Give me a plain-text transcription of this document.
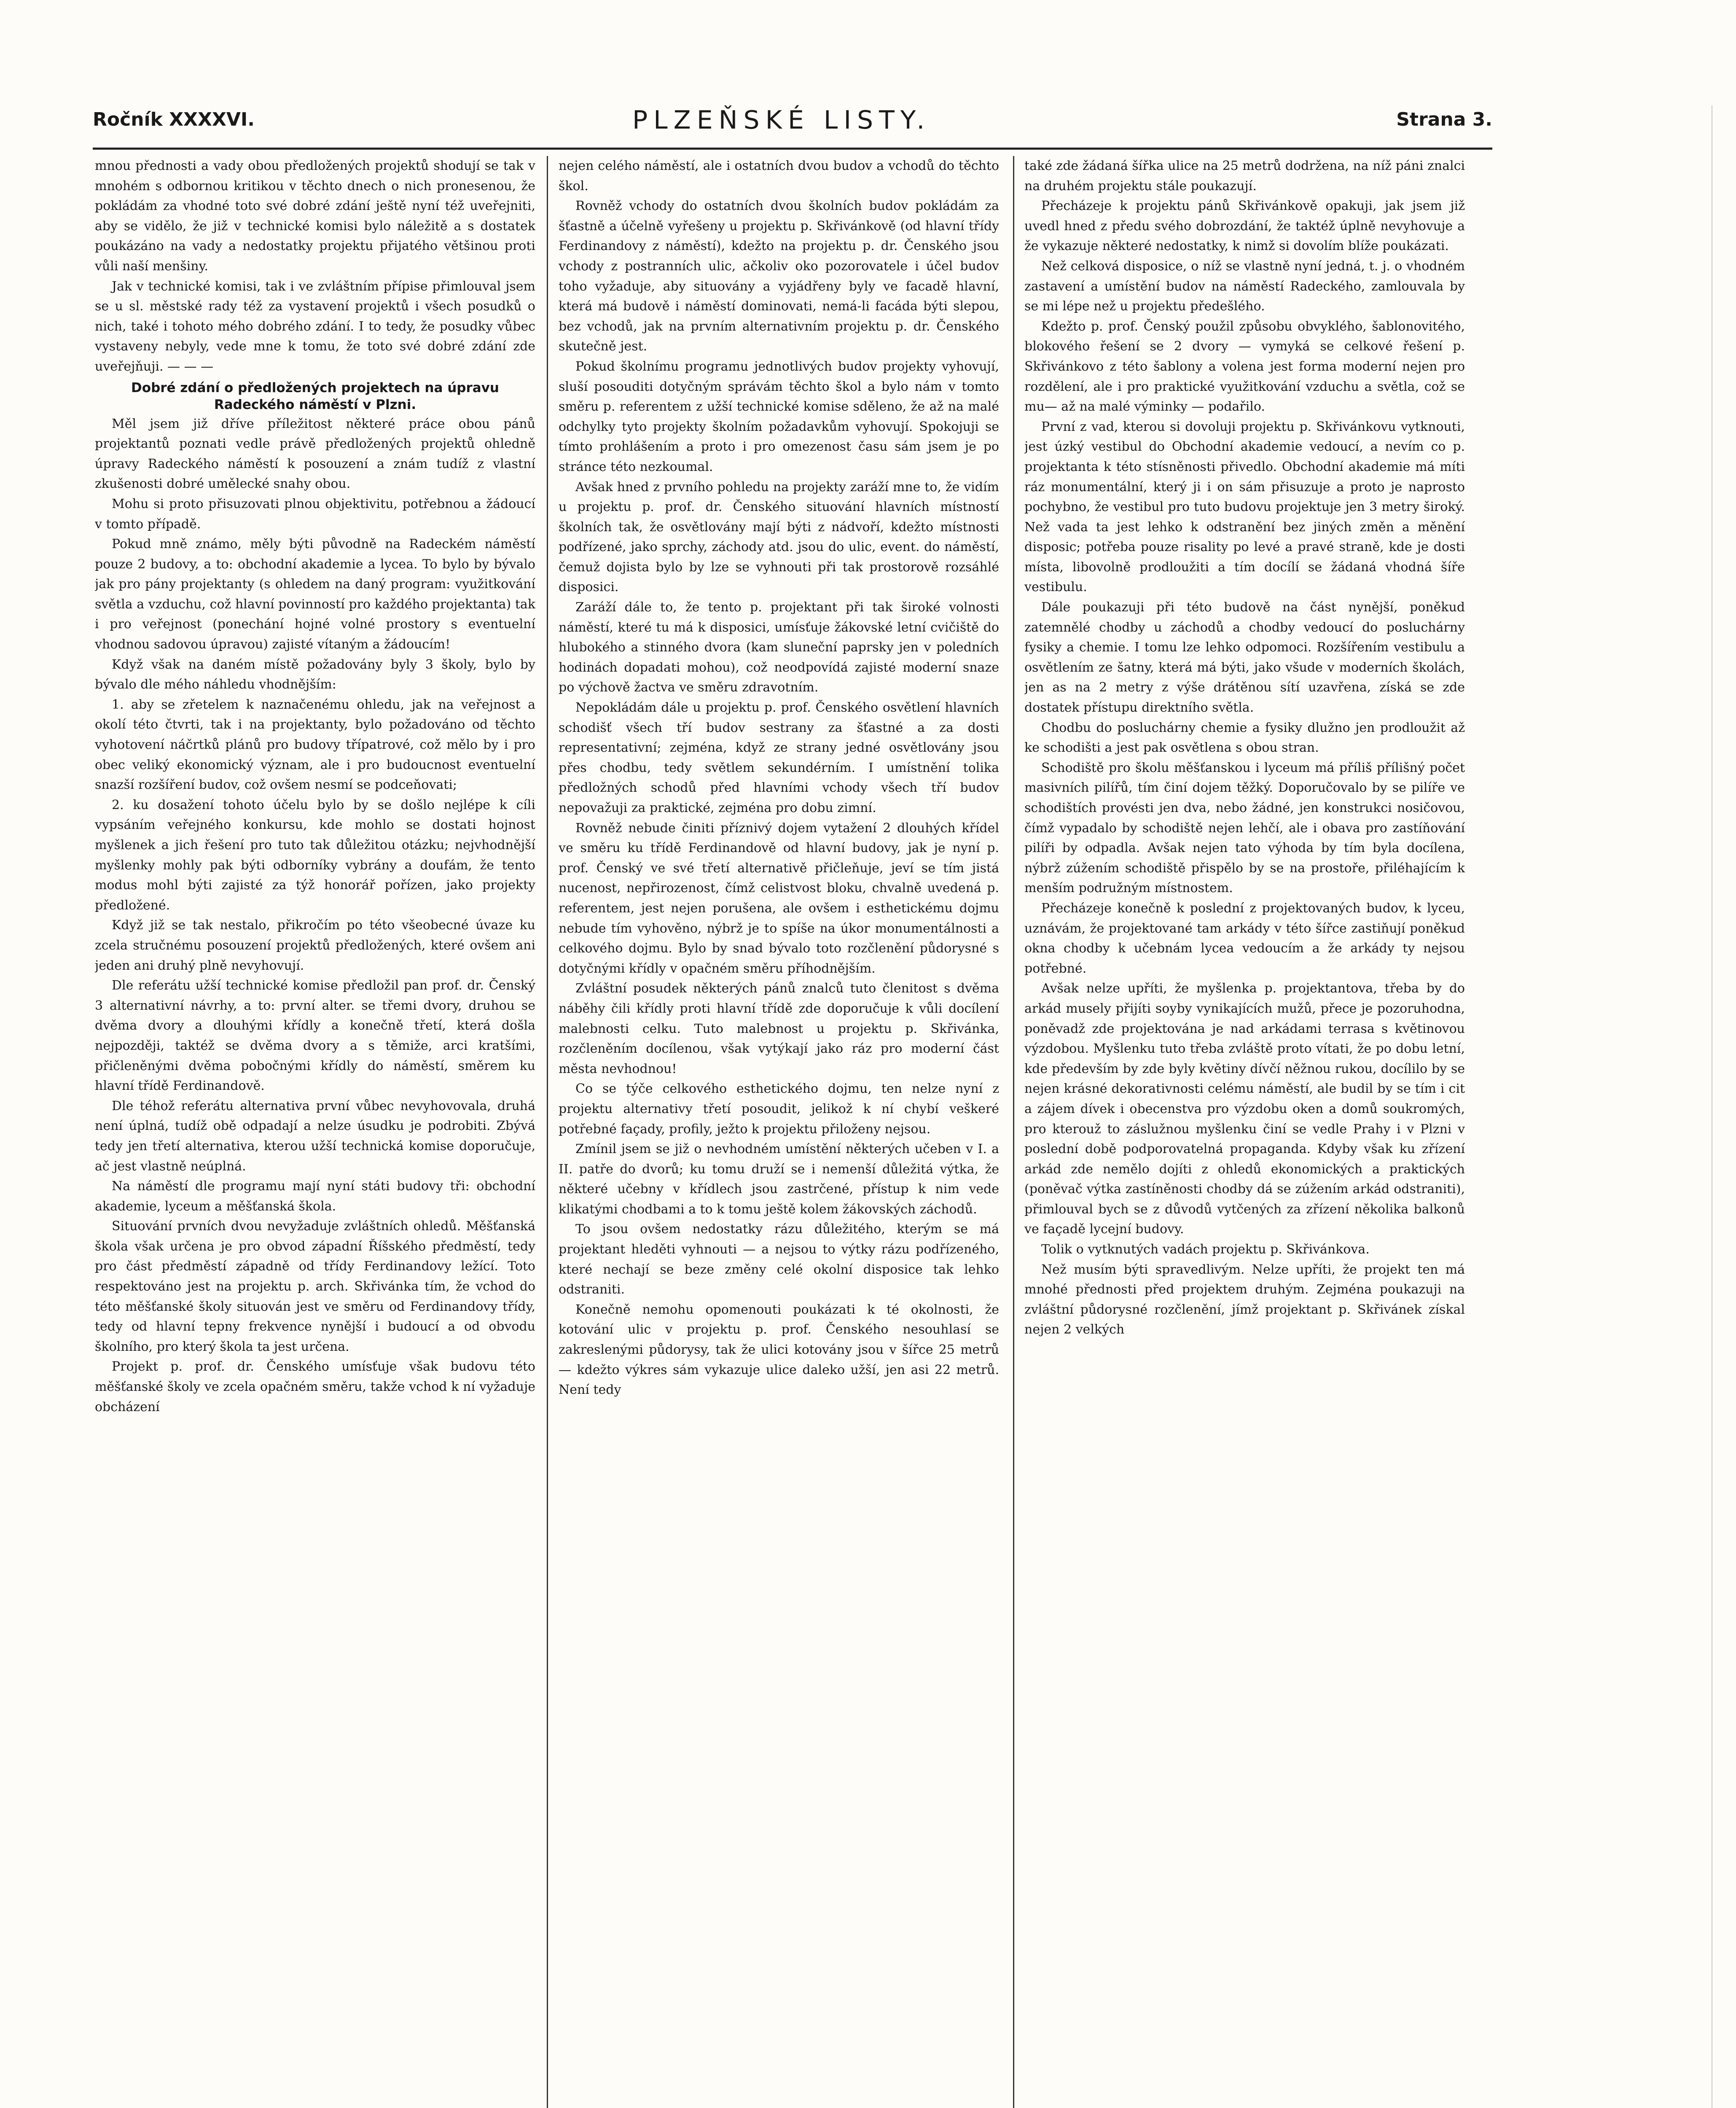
Ročník XXXXVI.	PLZEŇSKÉ LISTY.	Strana 3.

mnou přednosti a vady obou předložených projektů shodují se tak v mnohém s odbornou kritikou v těchto dnech o nich pronesenou, že pokládám za vhodné toto své dobré zdání ještě nyní též uveřejniti, aby se vidělo, že již v technické komisi bylo náležitě a s dostatek poukázáno na vady a nedostatky projektu přijatého většinou proti vůli naší menšiny.

Jak v technické komisi, tak i ve zvláštním přípise přimlouval jsem se u sl. městské rady též za vystavení projektů i všech posudků o nich, také i tohoto mého dobrého zdání. I to tedy, že posudky vůbec vystaveny nebyly, vede mne k tomu, že toto své dobré zdání zde uveřejňuji. — — —

Dobré zdání o předložených projektech na úpravu Radeckého náměstí v Plzni.

Měl jsem již dříve příležitost některé práce obou pánů projektantů poznati vedle právě předložených projektů ohledně úpravy Radeckého náměstí k posouzení a znám tudíž z vlastní zkušenosti dobré umělecké snahy obou.

Mohu si proto přisuzovati plnou objektivitu, potřebnou a žádoucí v tomto případě.

Pokud mně známo, měly býti původně na Radeckém náměstí pouze 2 budovy, a to: obchodní akademie a lycea. To bylo by bývalo jak pro pány projektanty (s ohledem na daný program: využitkování světla a vzduchu, což hlavní povinností pro každého projektanta) tak i pro veřejnost (ponechání hojné volné prostory s eventuelní vhodnou sadovou úpravou) zajisté vítaným a žádoucím!

Když však na daném místě požadovány byly 3 školy, bylo by bývalo dle mého náhledu vhodnějším:

1. aby se zřetelem k naznačenému ohledu, jak na veřejnost a okolí této čtvrti, tak i na projektanty, bylo požadováno od těchto vyhotovení náčrtků plánů pro budovy třípatrové, což mělo by i pro obec veliký ekonomický význam, ale i pro budoucnost eventuelní snazší rozšíření budov, což ovšem nesmí se podceňovati;

2. ku dosažení tohoto účelu bylo by se došlo nejlépe k cíli vypsáním veřejného konkursu, kde mohlo se dostati hojnost myšlenek a jich řešení pro tuto tak důležitou otázku; nejvhodnější myšlenky mohly pak býti odborníky vybrány a doufám, že tento modus mohl býti zajisté za týž honorář pořízen, jako projekty předložené.

Když již se tak nestalo, přikročím po této všeobecné úvaze ku zcela stručnému posouzení projektů předložených, které ovšem ani jeden ani druhý plně nevyhovují.

Dle referátu užší technické komise předložil pan prof. dr. Čenský 3 alternativní návrhy, a to: první alter. se třemi dvory, druhou se dvěma dvory a dlouhými křídly a konečně třetí, která došla nejpozději, taktéž se dvěma dvory a s těmiže, arci kratšími, přičleněnými dvěma pobočnými křídly do náměstí, směrem ku hlavní třídě Ferdinandově.

Dle téhož referátu alternativa první vůbec nevyhovovala, druhá není úplná, tudíž obě odpadají a nelze úsudku je podrobiti. Zbývá tedy jen třetí alternativa, kterou užší technická komise doporučuje, ač jest vlastně neúplná.

Na náměstí dle programu mají nyní státi budovy tři: obchodní akademie, lyceum a měšťanská škola.

Situování prvních dvou nevyžaduje zvláštních ohledů. Měšťanská škola však určena je pro obvod západní Říšského předměstí, tedy pro část předměstí západně od třídy Ferdinandovy ležící. Toto respektováno jest na projektu p. arch. Skřivánka tím, že vchod do této měšťanské školy situován jest ve směru od Ferdinandovy třídy, tedy od hlavní tepny frekvence nynější i budoucí a od obvodu školního, pro který škola ta jest určena.

Projekt p. prof. dr. Čenského umísťuje však budovu této měšťanské školy ve zcela opačném směru, takže vchod k ní vyžaduje obcházení

nejen celého náměstí, ale i ostatních dvou budov a vchodů do těchto škol.

Rovněž vchody do ostatních dvou školních budov pokládám za šťastně a účelně vyřešeny u projektu p. Skřivánkově (od hlavní třídy Ferdinandovy z náměstí), kdežto na projektu p. dr. Čenského jsou vchody z postranních ulic, ačkoliv oko pozorovatele i účel budov toho vyžaduje, aby situovány a vyjádřeny byly ve facadě hlavní, která má budově i náměstí dominovati, nemá-li facáda býti slepou, bez vchodů, jak na prvním alternativním projektu p. dr. Čenského skutečně jest.

Pokud školnímu programu jednotlivých budov projekty vyhovují, sluší posouditi dotyčným správám těchto škol a bylo nám v tomto směru p. referentem z užší technické komise sděleno, že až na malé odchylky tyto projekty školním požadavkům vyhovují. Spokojuji se tímto prohlášením a proto i pro omezenost času sám jsem je po stránce této nezkoumal.

Avšak hned z prvního pohledu na projekty zaráží mne to, že vidím u projektu p. prof. dr. Čenského situování hlavních místností školních tak, že osvětlovány mají býti z nádvoří, kdežto místnosti podřízené, jako sprchy, záchody atd. jsou do ulic, event. do náměstí, čemuž dojista bylo by lze se vyhnouti při tak prostorově rozsáhlé disposici.

Zaráží dále to, že tento p. projektant při tak široké volnosti náměstí, které tu má k disposici, umísťuje žákovské letní cvičiště do hlubokého a stinného dvora (kam sluneční paprsky jen v poledních hodinách dopadati mohou), což neodpovídá zajisté moderní snaze po výchově žactva ve směru zdravotním.

Nepokládám dále u projektu p. prof. Čenského osvětlení hlavních schodišť všech tří budov sestrany za šťastné a za dosti representativní; zejména, když ze strany jedné osvětlovány jsou přes chodbu, tedy světlem sekundérním. I umístnění tolika předložných schodů před hlavními vchody všech tří budov nepovažuji za praktické, zejména pro dobu zimní.

Rovněž nebude činiti příznivý dojem vytažení 2 dlouhých křídel ve směru ku třídě Ferdinandově od hlavní budovy, jak je nyní p. prof. Čenský ve své třetí alternativě přičleňuje, jeví se tím jistá nucenost, nepřirozenost, čímž celistvost bloku, chvalně uvedená p. referentem, jest nejen porušena, ale ovšem i esthetickému dojmu nebude tím vyhověno, nýbrž je to spíše na úkor monumentálnosti a celkového dojmu. Bylo by snad bývalo toto rozčlenění půdorysné s dotyčnými křídly v opačném směru příhodnějším.

Zvláštní posudek některých pánů znalců tuto členitost s dvěma náběhy čili křídly proti hlavní třídě zde doporučuje k vůli docílení malebnosti celku. Tuto malebnost u projektu p. Skřivánka, rozčleněním docílenou, však vytýkají jako ráz pro moderní část města nevhodnou!

Co se týče celkového esthetického dojmu, ten nelze nyní z projektu alternativy třetí posoudit, jelikož k ní chybí veškeré potřebné façady, profily, ježto k projektu přiloženy nejsou.

Zmínil jsem se již o nevhodném umístění některých učeben v I. a II. patře do dvorů; ku tomu druží se i nemenší důležitá výtka, že některé učebny v křídlech jsou zastrčené, přístup k nim vede klikatými chodbami a to k tomu ještě kolem žákovských záchodů.

To jsou ovšem nedostatky rázu důležitého, kterým se má projektant hleděti vyhnouti — a nejsou to výtky rázu podřízeného, které nechají se beze změny celé okolní disposice tak lehko odstraniti.

Konečně nemohu opomenouti poukázati k té okolnosti, že kotování ulic v projektu p. prof. Čenského nesouhlasí se zakreslenými půdorysy, tak že ulici kotovány jsou v šířce 25 metrů — kdežto výkres sám vykazuje ulice daleko užší, jen asi 22 metrů. Není tedy

také zde žádaná šířka ulice na 25 metrů dodržena, na níž páni znalci na druhém projektu stále poukazují.

Přecházeje k projektu pánů Skřivánkově opakuji, jak jsem již uvedl hned z předu svého dobrozdání, že taktéž úplně nevyhovuje a že vykazuje některé nedostatky, k nimž si dovolím blíže poukázati.

Než celková disposice, o níž se vlastně nyní jedná, t. j. o vhodném zastavení a umístění budov na náměstí Radeckého, zamlouvala by se mi lépe než u projektu předešlého.

Kdežto p. prof. Čenský použil způsobu obvyklého, šablonovitého, blokového řešení se 2 dvory — vymyká se celkové řešení p. Skřivánkovo z této šablony a volena jest forma moderní nejen pro rozdělení, ale i pro praktické využitkování vzduchu a světla, což se mu— až na malé výminky — podařilo.

První z vad, kterou si dovoluji projektu p. Skřivánkovu vytknouti, jest úzký vestibul do Obchodní akademie vedoucí, a nevím co p. projektanta k této stísněnosti přivedlo. Obchodní akademie má míti ráz monumentální, který ji i on sám přisuzuje a proto je naprosto pochybno, že vestibul pro tuto budovu projektuje jen 3 metry široký. Než vada ta jest lehko k odstranění bez jiných změn a měnění disposic; potřeba pouze risality po levé a pravé straně, kde je dosti místa, libovolně prodloužiti a tím docílí se žádaná vhodná šíře vestibulu.

Dále poukazuji při této budově na část nynější, poněkud zatemnělé chodby u záchodů a chodby vedoucí do posluchárny fysiky a chemie. I tomu lze lehko odpomoci. Rozšířením vestibulu a osvětlením ze šatny, která má býti, jako všude v moderních školách, jen as na 2 metry z výše drátěnou sítí uzavřena, získá se zde dostatek přístupu direktního světla.

Chodbu do posluchárny chemie a fysiky dlužno jen prodloužit až ke schodišti a jest pak osvětlena s obou stran.

Schodiště pro školu měšťanskou i lyceum má příliš přílišný počet masivních pilířů, tím činí dojem těžký. Doporučovalo by se pilíře ve schodištích provésti jen dva, nebo žádné, jen konstrukci nosičovou, čímž vypadalo by schodiště nejen lehčí, ale i obava pro zastíňování pilíři by odpadla. Avšak nejen tato výhoda by tím byla docílena, nýbrž zúžením schodiště přispělo by se na prostoře, přiléhajícím k menším podružným místnostem.

Přecházeje konečně k poslední z projektovaných budov, k lyceu, uznávám, že projektované tam arkády v této šířce zastiňují poněkud okna chodby k učebnám lycea vedoucím a že arkády ty nejsou potřebné.

Avšak nelze upříti, že myšlenka p. projektantova, třeba by do arkád musely přijíti soyby vynikajících mužů, přece je pozoruhodna, poněvadž zde projektována je nad arkádami terrasa s květinovou výzdobou. Myšlenku tuto třeba zvláště proto vítati, že po dobu letní, kde především by zde byly květiny dívčí něžnou rukou, docílilo by se nejen krásné dekorativnosti celému náměstí, ale budil by se tím i cit a zájem dívek i obecenstva pro výzdobu oken a domů soukromých, pro kterouž to záslužnou myšlenku činí se vedle Prahy i v Plzni v poslední době podporovatelná propaganda. Kdyby však ku zřízení arkád zde nemělo dojíti z ohledů ekonomických a praktických (poněvač výtka zastíněnosti chodby dá se zúžením arkád odstraniti), přimlouval bych se z důvodů vytčených za zřízení několika balkonů ve façadě lycejní budovy.

Tolik o vytknutých vadách projektu p. Skřivánkova.

Než musím býti spravedlivým. Nelze upříti, že projekt ten má mnohé přednosti před projektem druhým. Zejména poukazuji na zvláštní půdorysné rozčlenění, jímž projektant p. Skřivánek získal nejen 2 velkých
